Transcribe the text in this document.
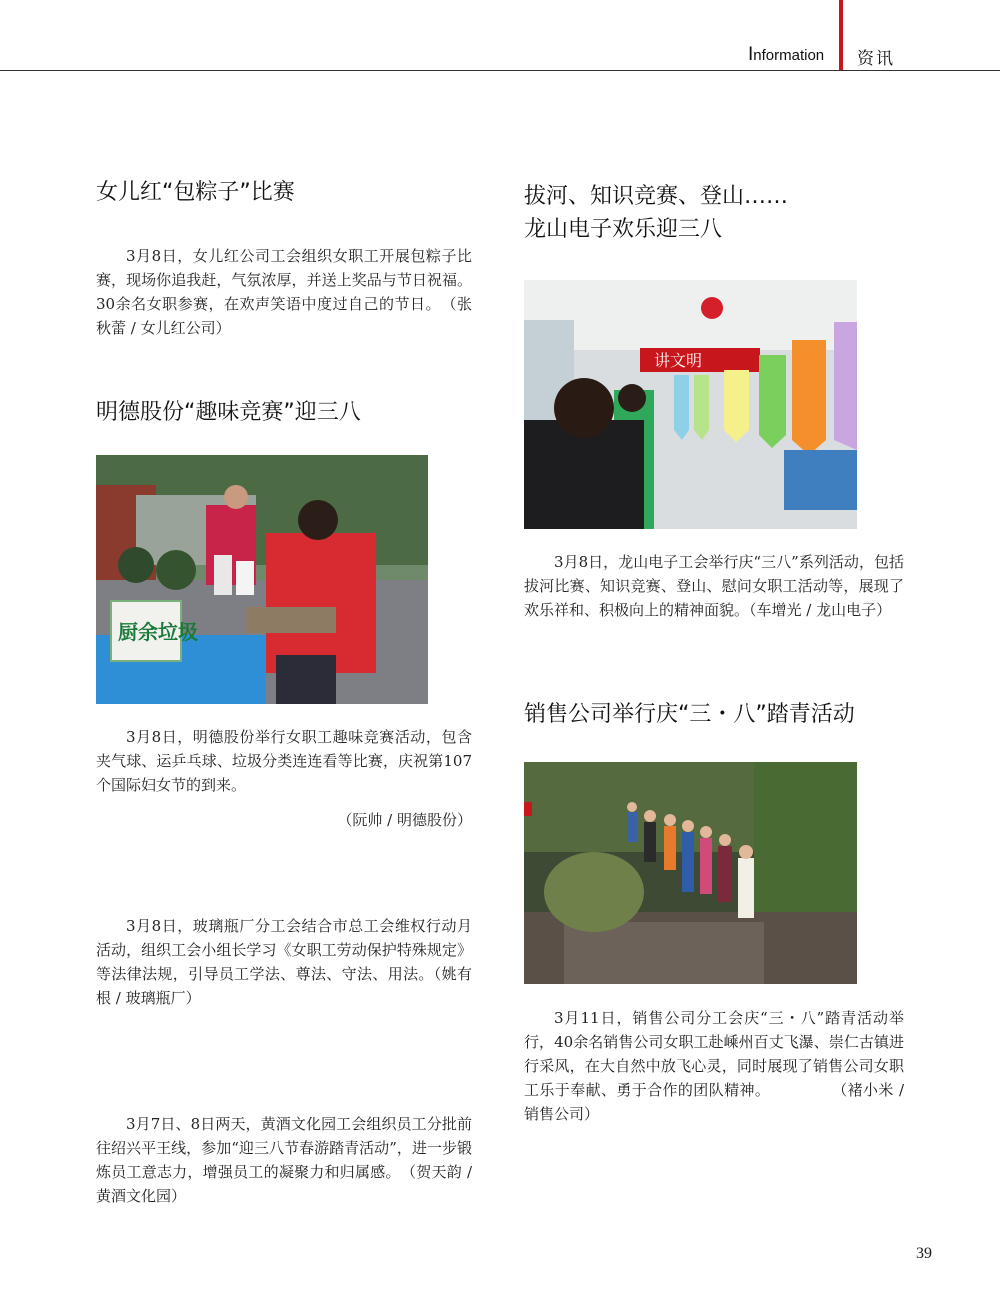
Information 资讯
女儿红“包粽子”比赛
3月8日，女儿红公司工会组织女职工开展包粽子比赛，现场你追我赶，气氛浓厚，并送上奖品与节日祝福。30余名女职参赛，在欢声笑语中度过自己的节日。　（张秋蕾 / 女儿红公司）
明德股份“趣味竞赛”迎三八
厨余垃圾
3月8日，明德股份举行女职工趣味竞赛活动，包含夹气球、运乒乓球、垃圾分类连连看等比赛，庆祝第107个国际妇女节的到来。
（阮帅 / 明德股份）
3月8日，玻璃瓶厂分工会结合市总工会维权行动月活动，组织工会小组长学习《女职工劳动保护特殊规定》等法律法规，引导员工学法、尊法、守法、用法。（姚有根 / 玻璃瓶厂）
3月7日、8日两天，黄酒文化园工会组织员工分批前往绍兴平王线，参加“迎三八节春游踏青活动”，进一步锻炼员工意志力，增强员工的凝聚力和归属感。　（贺天韵 / 黄酒文化园）
拔河、知识竞赛、登山……
龙山电子欢乐迎三八
讲文明
3月8日，龙山电子工会举行庆“三八”系列活动，包括拔河比赛、知识竞赛、登山、慰问女职工活动等，展现了欢乐祥和、积极向上的精神面貌。（车增光 / 龙山电子）
销售公司举行庆“三・八”踏青活动
3月11日，销售公司分工会庆“三・八”踏青活动举行，40余名销售公司女职工赴嵊州百丈飞瀑、崇仁古镇进行采风，在大自然中放飞心灵，同时展现了销售公司女职工乐于奉献、勇于合作的团队精神。　　　　　（褚小米 / 销售公司）
39
